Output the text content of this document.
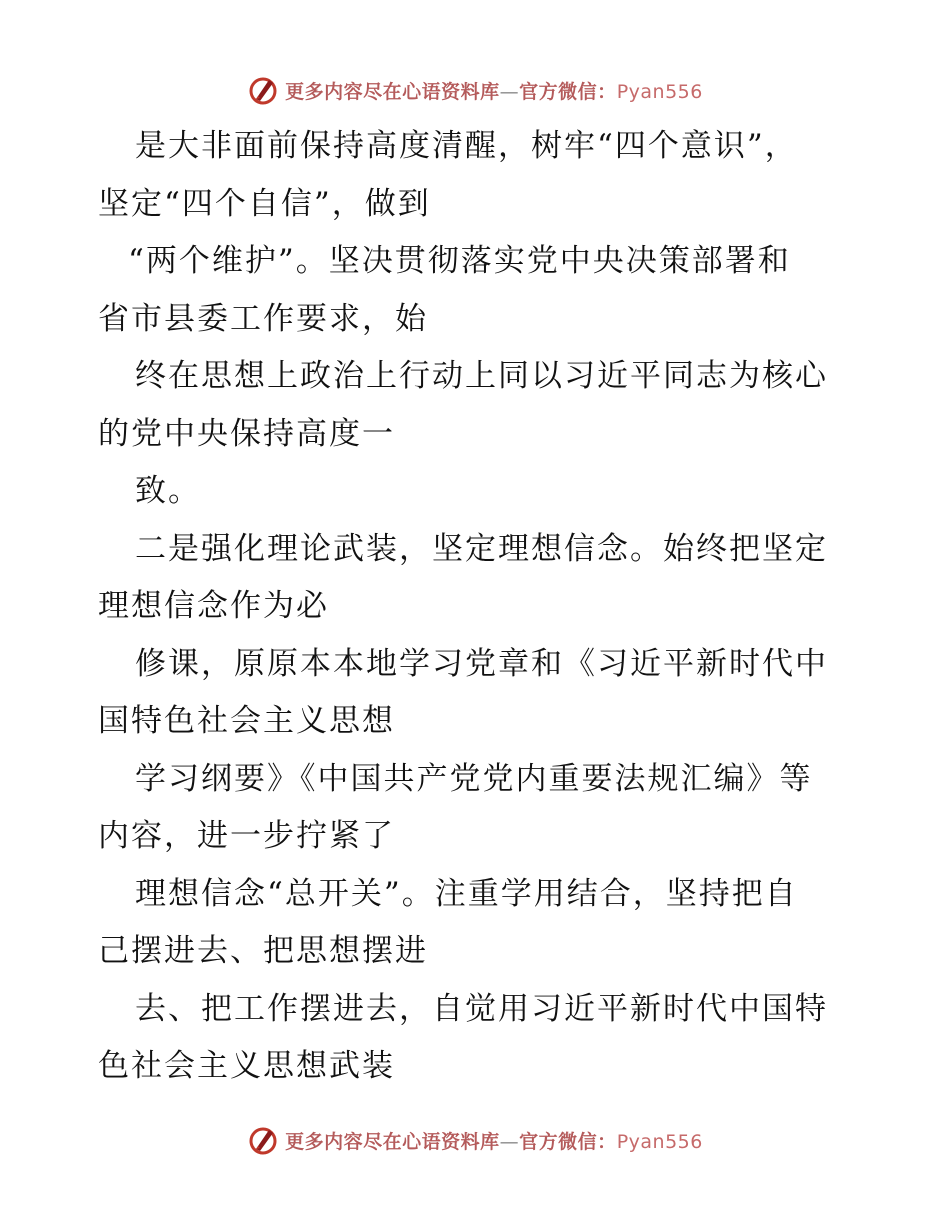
更多内容尽在心语资料库—官方微信：Pyan556
是大非面前保持高度清醒，树牢“四个意识”，
坚定“四个自信”，做到
“两个维护”。坚决贯彻落实党中央决策部署和
省市县委工作要求，始
终在思想上政治上行动上同以习近平同志为核心
的党中央保持高度一
致。
二是强化理论武装，坚定理想信念。始终把坚定
理想信念作为必
修课，原原本本地学习党章和《习近平新时代中
国特色社会主义思想
学习纲要》《中国共产党党内重要法规汇编》等
内容，进一步拧紧了
理想信念“总开关”。注重学用结合，坚持把自
己摆进去、把思想摆进
去、把工作摆进去，自觉用习近平新时代中国特
色社会主义思想武装
更多内容尽在心语资料库—官方微信：Pyan556
